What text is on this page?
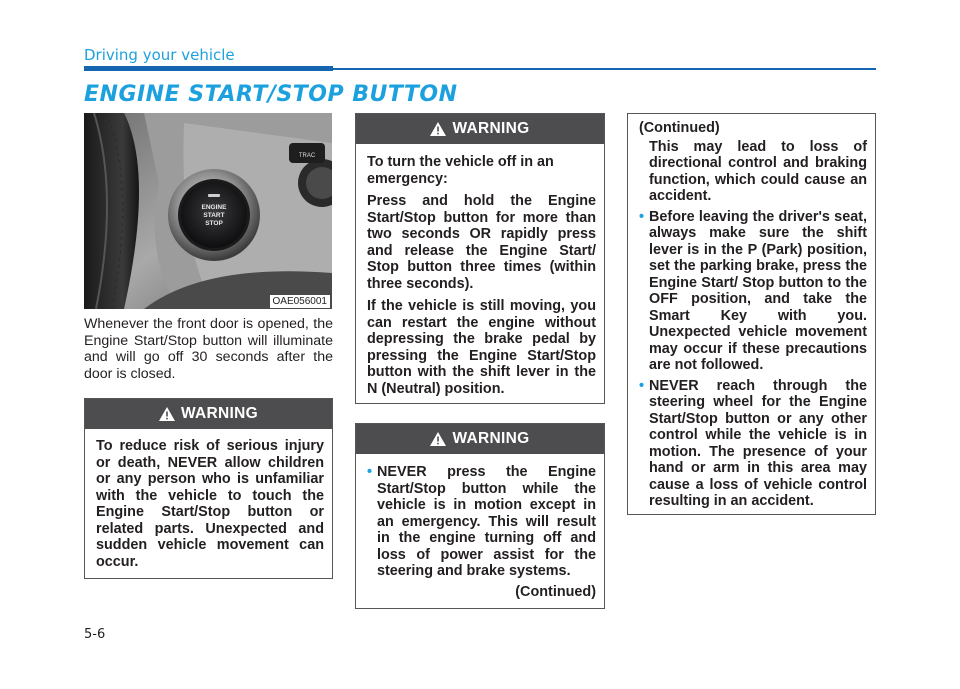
Driving your vehicle
ENGINE START/STOP BUTTON
TRAC
ENGINE
START
STOP
OAE056001
Whenever the front door is opened, the Engine Start/Stop button will illuminate and will go off 30 seconds after the door is closed.
WARNING

To reduce risk of serious injury or death, NEVER allow children or any person who is unfamiliar with the vehicle to touch the Engine Start/Stop button or related parts. Unexpected and sudden vehicle movement can occur.

WARNING

To turn the vehicle off in an emergency:

Press and hold the Engine Start/Stop button for more than two seconds OR rapidly press and release the Engine Start/ Stop button three times (within three seconds).

If the vehicle is still moving, you can restart the engine without depressing the brake pedal by pressing the Engine Start/Stop button with the shift lever in the N (Neutral) position.

WARNING
• NEVER press the Engine Start/Stop button while the vehicle is in motion except in an emergency. This will result in the engine turning off and loss of power assist for the steering and brake systems.
(Continued)
(Continued)
This may lead to loss of directional control and braking function, which could cause an accident.
• Before leaving the driver's seat, always make sure the shift lever is in the P (Park) position, set the parking brake, press the Engine Start/ Stop button to the OFF position, and take the Smart Key with you. Unexpected vehicle movement may occur if these precautions are not followed.
• NEVER reach through the steering wheel for the Engine Start/Stop button or any other control while the vehicle is in motion. The presence of your hand or arm in this area may cause a loss of vehicle control resulting in an accident.
5-6
